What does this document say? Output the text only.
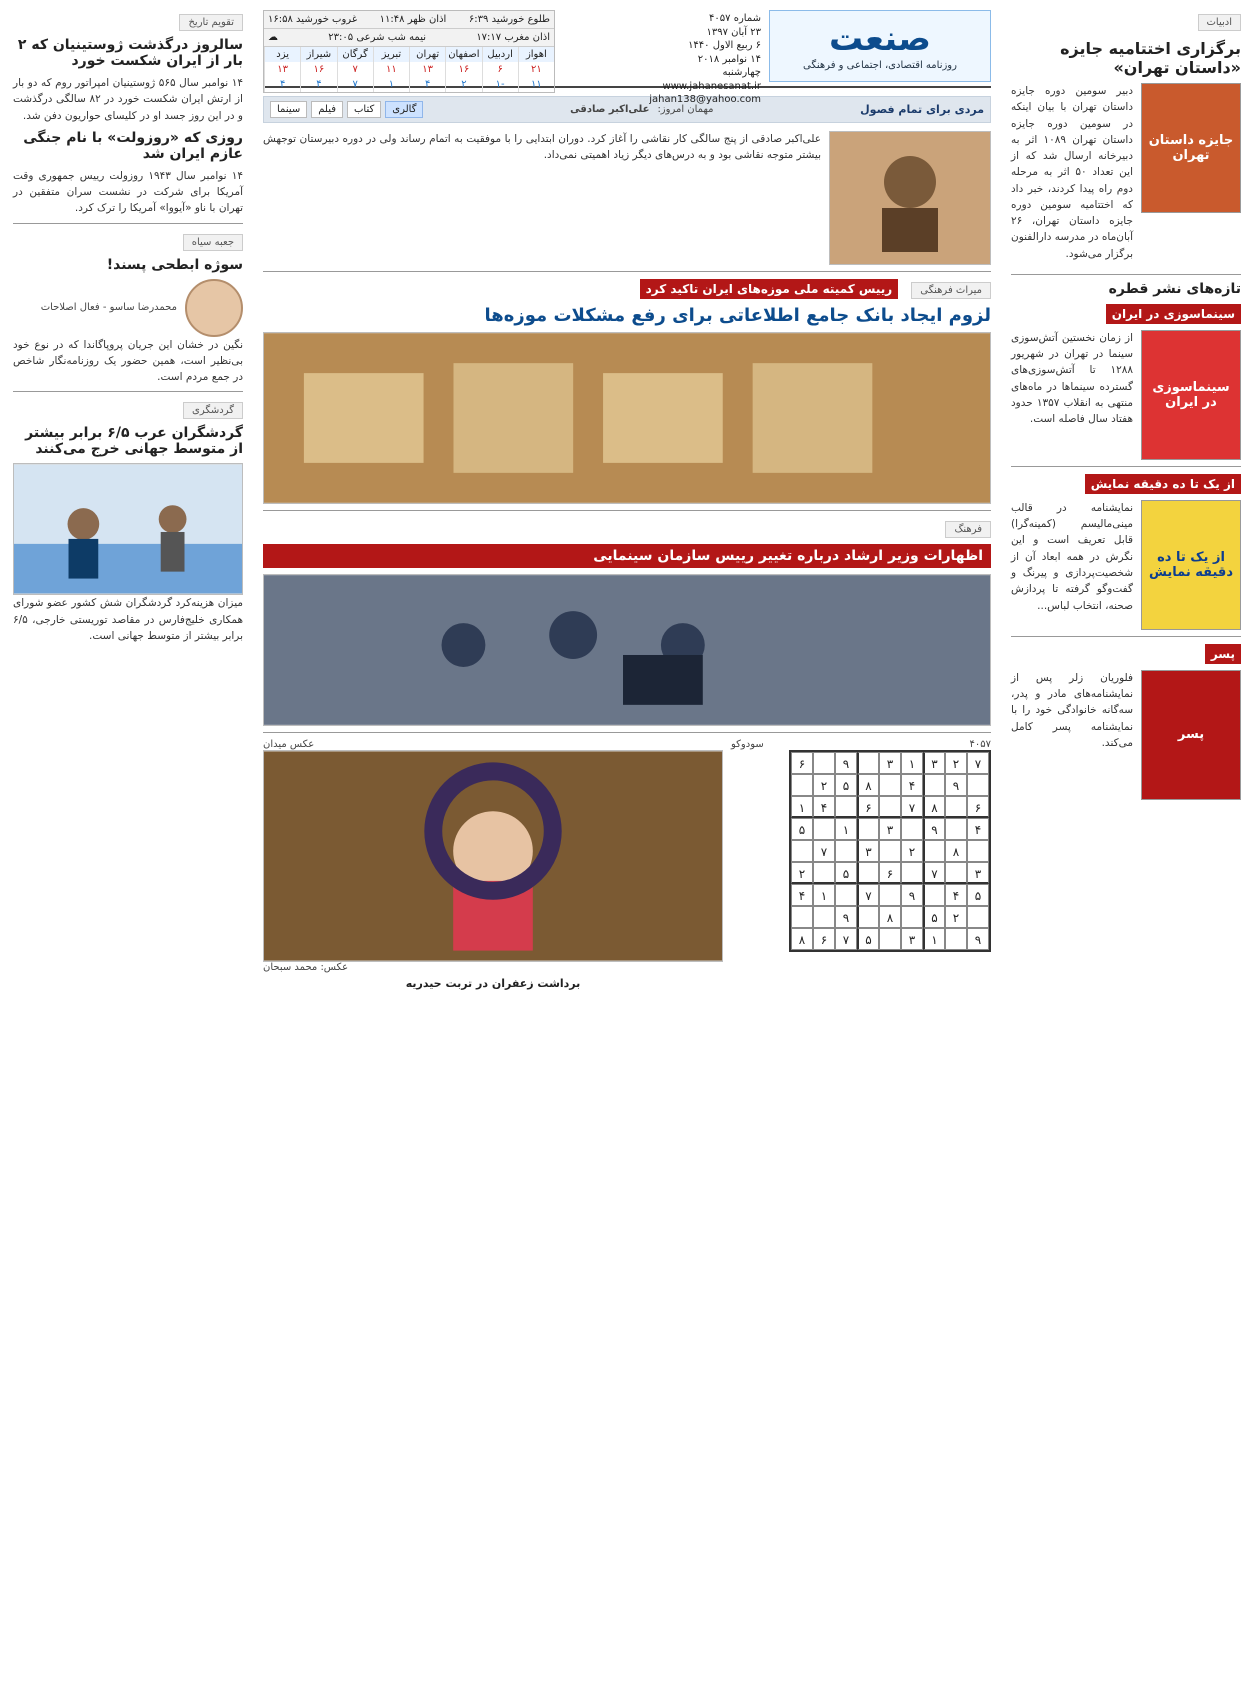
ادبیات
برگزاری اختتامیه جایزه «داستان تهران»
جایزه داستان تهران

دبیر سومین دوره جایزه داستان تهران با بیان اینکه در سومین دوره جایزه داستان تهران ۱۰۸۹ اثر به دبیرخانه ارسال شد که از این تعداد ۵۰ اثر به مرحله دوم راه پیدا کردند، خبر داد که اختتامیه سومین دوره جایزه داستان تهران، ۲۶ آبان‌ماه در مدرسه دارالفنون برگزار می‌شود.

تازه‌های نشر قطره
سینماسوزی در ایران
سینماسوزی در ایران
از زمان نخستین آتش‌سوزی سینما در تهران در شهریور ۱۲۸۸ تا آتش‌سوزی‌های گسترده سینماها در ماه‌های منتهی به انقلاب ۱۳۵۷ حدود هفتاد سال فاصله است.
از یک تا ده دقیقه نمایش
از یک تا ده دقیقه نمایش
نمایشنامه در قالب مینی‌مالیسم (کمینه‌گرا) قابل تعریف است و این نگرش در همه ابعاد آن از شخصیت‌پردازی و پیرنگ و گفت‌وگو گرفته تا پردازش صحنه، انتخاب لباس...
پسر
پسر
فلوریان زلر پس از نمایشنامه‌های مادر و پدر، سه‌گانه خانوادگی خود را با نمایشنامه پسر کامل می‌کند.
صنعت
روزنامه اقتصادی، اجتماعی و فرهنگی
شماره ۴۰۵۷
۲۳ آبان ۱۳۹۷
۶ ربیع الاول ۱۴۴۰
۱۴ نوامبر ۲۰۱۸
چهارشنبه
www.jahanesanat.ir
jahan138@yahoo.com
طلوع خورشید ۶:۳۹
اذان ظهر ۱۱:۴۸
غروب خورشید ۱۶:۵۸
اذان مغرب ۱۷:۱۷
نیمه شب شرعی ۲۳:۰۵
☁
اهواز
اردبیل
اصفهان
تهران
تبریز
گرگان
شیراز
یزد
۲۱
۶
۱۶
۱۳
۱۱
۷
۱۶
۱۳
۱۱
-۱
۲
۴
۱
۷
۴
۴
مردی برای تمام فصول
مهمان امروز:
علی‌اکبر صادقی
گالری
کتاب
فیلم
سینما

علی‌اکبر صادقی از پنج سالگی کار نقاشی را آغاز کرد. دوران ابتدایی را با موفقیت به اتمام رساند ولی در دوره دبیرستان توجهش بیشتر متوجه نقاشی بود و به درس‌های دیگر زیاد اهمیتی نمی‌داد.

میراث فرهنگی رییس کمیته ملی موزه‌های ایران تاکید کرد
لزوم ایجاد بانک جامع اطلاعاتی برای رفع مشکلات موزه‌ها
فرهنگ
اظهارات وزیر ارشاد درباره تغییر رییس سازمان سینمایی
۴۰۵۷
سودوکو
۷
۲
۳
۱
۳
۹
۶
۹
۴
۸
۵
۲
۶
۸
۷
۶
۴
۱
۴
۹
۳
۱
۵
۸
۲
۳
۷
۳
۷
۶
۵
۲
۵
۴
۹
۷
۱
۴
۲
۵
۸
۹
۹
۱
۳
۵
۷
۶
۸
عکس میدان
عکس: محمد سبحان
برداشت زعفران در تربت حیدریه
تقویم تاریخ
سالروز درگذشت ژوستینیان که ۲ بار از ایران شکست خورد

۱۴ نوامبر سال ۵۶۵ ژوستینیان امپراتور روم که دو بار از ارتش ایران شکست خورد در ۸۲ سالگی درگذشت و در این روز جسد او در کلیسای حواریون دفن شد.

روزی که «روزولت» با نام جنگی عازم ایران شد

۱۴ نوامبر سال ۱۹۴۳ روزولت رییس جمهوری وقت آمریکا برای شرکت در نشست سران متفقین در تهران با ناو «آیووا» آمریکا را ترک کرد.

جعبه سیاه
سوژه ابطحی پسند!
محمدرضا ساسو - فعال اصلاحات

نگین در خشان این جریان پروپاگاندا که در نوع خود بی‌نظیر است، همین حضور یک روزنامه‌نگار شاخص در جمع مردم است.

گردشگری
گردشگران عرب ۶/۵ برابر بیشتر از متوسط جهانی خرج می‌کنند

میزان هزینه‌کرد گردشگران شش کشور عضو شورای همکاری خلیج‌فارس در مقاصد توریستی خارجی، ۶/۵ برابر بیشتر از متوسط جهانی است.
